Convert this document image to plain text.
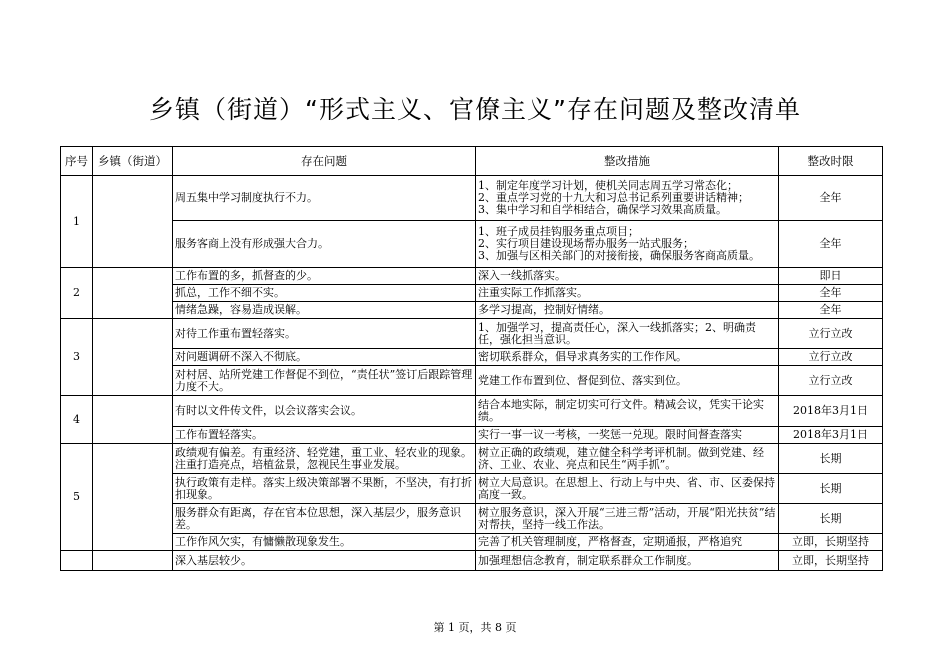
乡镇（街道）“形式主义、官僚主义”存在问题及整改清单
序号	乡镇（街道）	存在问题	整改措施	整改时限
1		周五集中学习制度执行不力。	1、制定年度学习计划，使机关同志周五学习常态化；
2、重点学习党的十九大和习总书记系列重要讲话精神；
3、集中学习和自学相结合，确保学习效果高质量。	全年
		服务客商上没有形成强大合力。	1、班子成员挂钩服务重点项目；
2、实行项目建设现场帮办服务一站式服务；
3、加强与区相关部门的对接衔接，确保服务客商高质量。	全年
2		工作布置的多，抓督查的少。	深入一线抓落实。	即日
		抓总，工作不细不实。	注重实际工作抓落实。	全年
		情绪急躁，容易造成误解。	多学习提高，控制好情绪。	全年
3		对待工作重布置轻落实。	1、加强学习，提高责任心，深入一线抓落实；2、明确责任，强化担当意识。	立行立改
		对问题调研不深入不彻底。	密切联系群众，倡导求真务实的工作作风。	立行立改
		对村居、站所党建工作督促不到位，“责任状”签订后跟踪管理力度不大。	党建工作布置到位、督促到位、落实到位。	立行立改
4		有时以文件传文件，以会议落实会议。	结合本地实际，制定切实可行文件。精减会议，凭实干论实绩。	2018年3月1日
		工作布置轻落实。	实行一事一议一考核，一奖惩一兑现。限时间督查落实	2018年3月1日
5		政绩观有偏差。有重经济、轻党建，重工业、轻农业的现象。注重打造亮点，培植盆景，忽视民生事业发展。	树立正确的政绩观，建立健全科学考评机制。做到党建、经济、工业、农业、亮点和民生“两手抓”。	长期
		执行政策有走样。落实上级决策部署不果断，不坚决，有打折扣现象。	树立大局意识。在思想上、行动上与中央、省、市、区委保持高度一致。	长期
		服务群众有距离，存在官本位思想，深入基层少，服务意识差。	树立服务意识，深入开展“三进三帮”活动，开展“阳光扶贫”结对帮扶，坚持一线工作法。	长期
		工作作风欠实，有慵懒散现象发生。	完善了机关管理制度，严格督查，定期通报，严格追究	立即，长期坚持
		深入基层较少。	加强理想信念教育，制定联系群众工作制度。	立即，长期坚持
第 1 页，共 8 页
